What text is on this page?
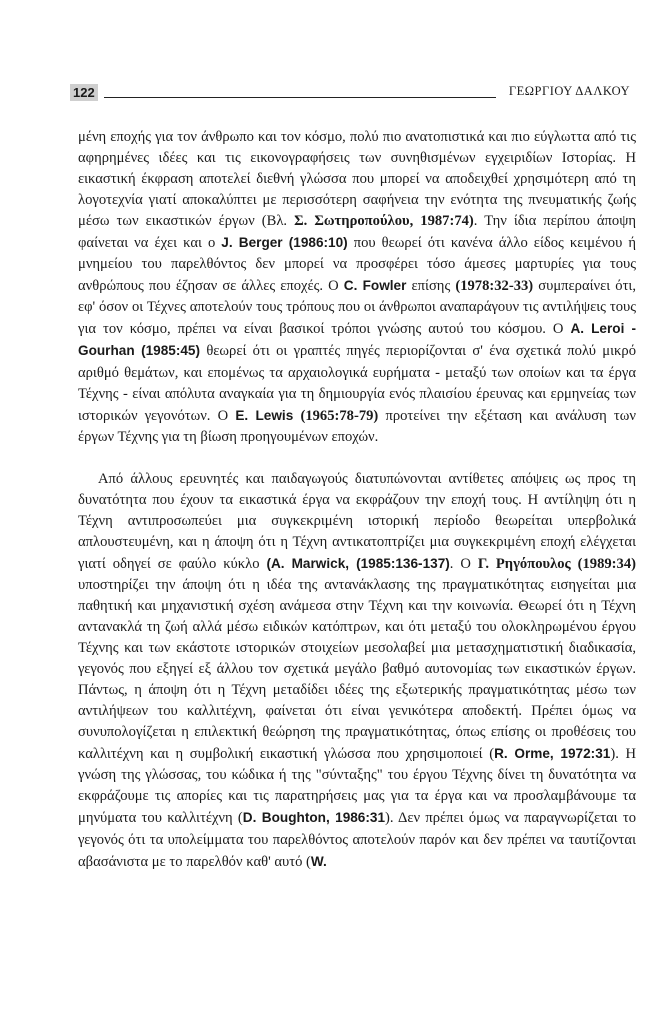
122	ΓΕΩΡΓΙΟΥ ΔΑΛΚΟΥ

μένη εποχής για τον άνθρωπο και τον κόσμο, πολύ πιο ανατοπιστικά και πιο εύγλωττα από τις αφηρημένες ιδέες και τις εικονογραφήσεις των συνηθισμένων εγχειριδίων Ιστορίας. Η εικαστική έκφραση αποτελεί διεθνή γλώσσα που μπορεί να αποδειχθεί χρησιμότερη από τη λογοτεχνία γιατί αποκαλύπτει με περισσότερη σαφήνεια την ενότητα της πνευματικής ζωής μέσω των εικαστικών έργων (Βλ. Σ. Σωτηροπούλου, 1987:74). Την ίδια περίπου άποψη φαίνεται να έχει και ο J. Berger (1986:10) που θεωρεί ότι κανένα άλλο είδος κειμένου ή μνημείου του παρελθόντος δεν μπορεί να προσφέρει τόσο άμεσες μαρτυρίες για τους ανθρώπους που έζησαν σε άλλες εποχές. Ο C. Fowler επίσης (1978:32-33) συμπεραίνει ότι, εφ' όσον οι Τέχνες αποτελούν τους τρόπους που οι άνθρωποι αναπαράγουν τις αντιλήψεις τους για τον κόσμο, πρέπει να είναι βασικοί τρόποι γνώσης αυτού του κόσμου. Ο A. Leroi - Gourhan (1985:45) θεωρεί ότι οι γραπτές πηγές περιορίζονται σ' ένα σχετικά πολύ μικρό αριθμό θεμάτων, και επομένως τα αρχαιολογικά ευρήματα - μεταξύ των οποίων και τα έργα Τέχνης - είναι απόλυτα αναγκαία για τη δημιουργία ενός πλαισίου έρευνας και ερμηνείας των ιστορικών γεγονότων. Ο E. Lewis (1965:78-79) προτείνει την εξέταση και ανάλυση των έργων Τέχνης για τη βίωση προηγουμένων εποχών.

Από άλλους ερευνητές και παιδαγωγούς διατυπώνονται αντίθετες απόψεις ως προς τη δυνατότητα που έχουν τα εικαστικά έργα να εκφράζουν την εποχή τους. Η αντίληψη ότι η Τέχνη αντιπροσωπεύει μια συγκεκριμένη ιστορική περίοδο θεωρείται υπερβολικά απλουστευμένη, και η άποψη ότι η Τέχνη αντικατοπτρίζει μια συγκεκριμένη εποχή ελέγχεται γιατί οδηγεί σε φαύλο κύκλο (A. Marwick, (1985:136-137). Ο Γ. Ρηγόπουλος (1989:34) υποστηρίζει την άποψη ότι η ιδέα της αντανάκλασης της πραγματικότητας εισηγείται μια παθητική και μηχανιστική σχέση ανάμεσα στην Τέχνη και την κοινωνία. Θεωρεί ότι η Τέχνη αντανακλά τη ζωή αλλά μέσω ειδικών κατόπτρων, και ότι μεταξύ του ολοκληρωμένου έργου Τέχνης και των εκάστοτε ιστορικών στοιχείων μεσολαβεί μια μετασχηματιστική διαδικασία, γεγονός που εξηγεί εξ άλλου τον σχετικά μεγάλο βαθμό αυτονομίας των εικαστικών έργων. Πάντως, η άποψη ότι η Τέχνη μεταδίδει ιδέες της εξωτερικής πραγματικότητας μέσω των αντιλήψεων του καλλιτέχνη, φαίνεται ότι είναι γενικότερα αποδεκτή. Πρέπει όμως να συνυπολογίζεται η επιλεκτική θεώρηση της πραγματικότητας, όπως επίσης οι προθέσεις του καλλιτέχνη και η συμβολική εικαστική γλώσσα που χρησιμοποιεί (R. Orme, 1972:31). Η γνώση της γλώσσας, του κώδικα ή της "σύνταξης" του έργου Τέχνης δίνει τη δυνατότητα να εκφράζουμε τις απορίες και τις παρατηρήσεις μας για τα έργα και να προσλαμβάνουμε τα μηνύματα του καλλιτέχνη (D. Boughton, 1986:31). Δεν πρέπει όμως να παραγνωρίζεται το γεγονός ότι τα υπολείμματα του παρελθόντος αποτελούν παρόν και δεν πρέπει να ταυτίζονται αβασάνιστα με το παρελθόν καθ' αυτό (W.
